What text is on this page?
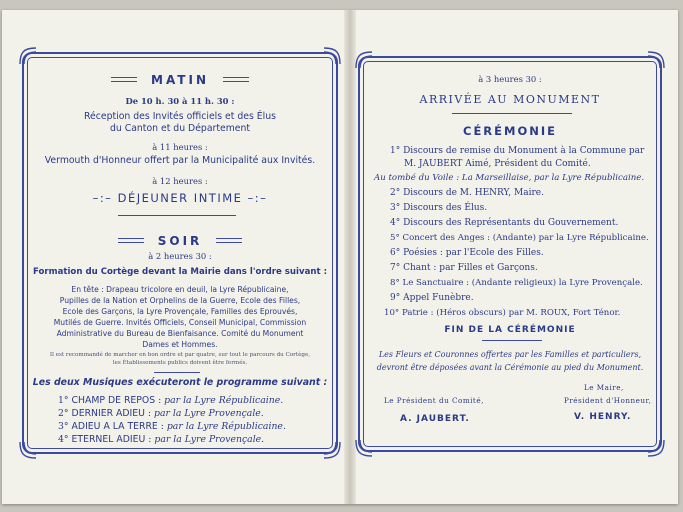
MATIN
De 10 h. 30 à 11 h. 30 :
Réception des Invités officiels et des Élus
du Canton et du Département
à 11 heures :
Vermouth d'Honneur offert par la Municipalité aux Invités.
à 12 heures :
–:– DÉJEUNER INTIME –:–
SOIR
à 2 heures 30 :
Formation du Cortège devant la Mairie dans l'ordre suivant :
En tête : Drapeau tricolore en deuil, la Lyre Républicaine,
Pupilles de la Nation et Orphelins de la Guerre, Ecole des Filles,
Ecole des Garçons, la Lyre Provençale, Familles des Eprouvés,
Mutilés de Guerre. Invités Officiels, Conseil Municipal, Commission
Administrative du Bureau de Bienfaisance. Comité du Monument
Dames et Hommes.
Il est recommandé de marcher en bon ordre et par quatre, sur tout le parcours du Cortège,
les Établissements publics doivent être fermés.
Les deux Musiques exécuteront le programme suivant :
1° CHAMP DE REPOS : par la Lyre Républicaine.
2° DERNIER ADIEU : par la Lyre Provençale.
3° ADIEU A LA TERRE : par la Lyre Républicaine.
4° ETERNEL ADIEU : par la Lyre Provençale.
à 3 heures 30 :
ARRIVÉE AU MONUMENT
CÉRÉMONIE
1° Discours de remise du Monument à la Commune par
M. JAUBERT Aimé, Président du Comité.
Au tombé du Voile : La Marseillaise, par la Lyre Républicaine.
2° Discours de M. HENRY, Maire.
3° Discours des Élus.
4° Discours des Représentants du Gouvernement.
5° Concert des Anges : (Andante) par la Lyre Républicaine.
6° Poésies : par l'Ecole des Filles.
7° Chant : par Filles et Garçons.
8° Le Sanctuaire : (Andante religieux) la Lyre Provençale.
9° Appel Funèbre.
10° Patrie : (Héros obscurs) par M. ROUX, Fort Ténor.
FIN DE LA CÉRÉMONIE
Les Fleurs et Couronnes offertes par les Familles et particuliers,
devront être déposées avant la Cérémonie au pied du Monument.
Le Maire,
Le Président du Comité,	Président d'Honneur,
A. JAUBERT.	V. HENRY.
